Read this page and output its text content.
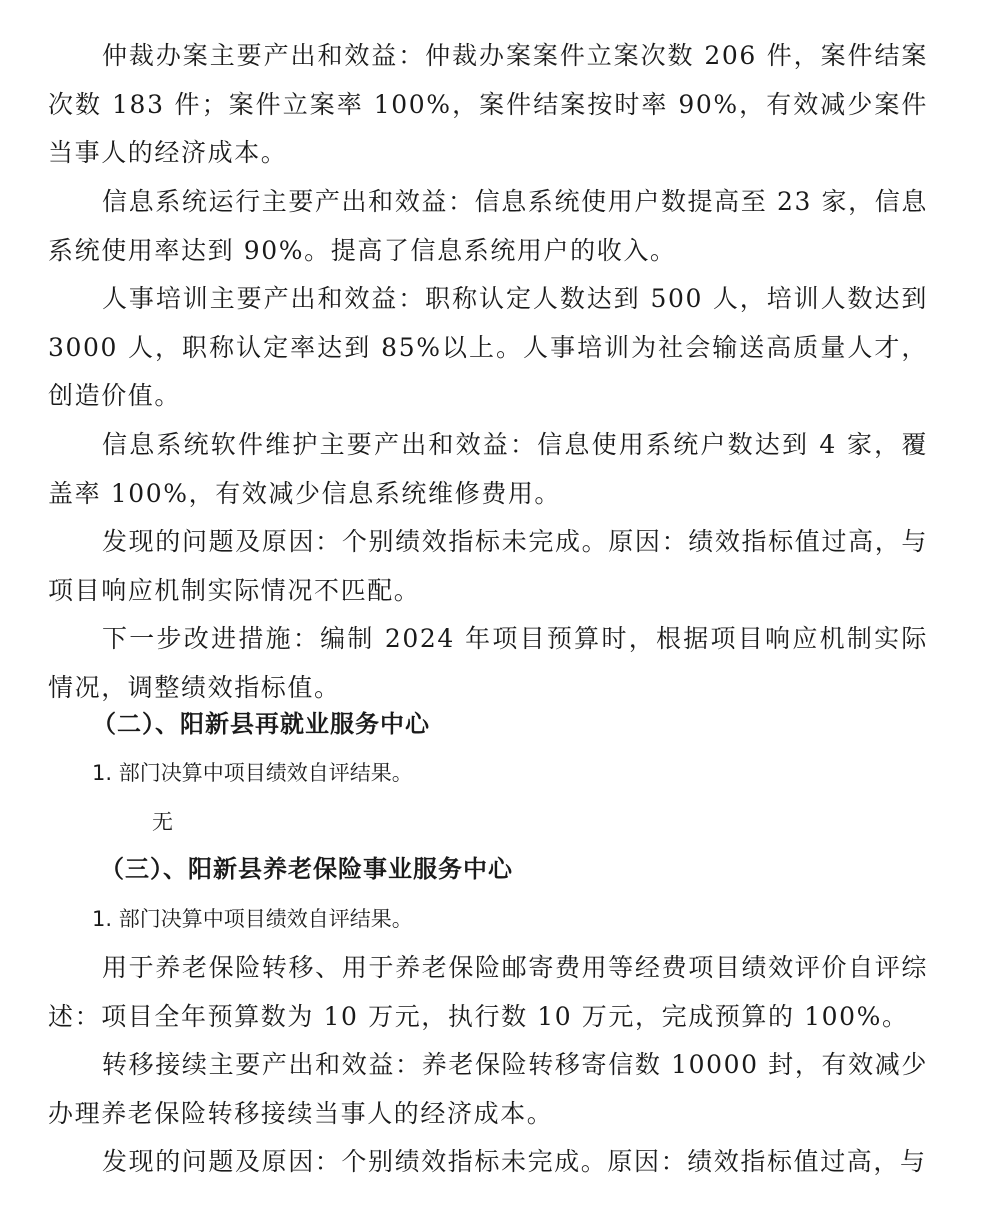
仲裁办案主要产出和效益：仲裁办案案件立案次数 206 件，案件结案次数 183 件；案件立案率 100%，案件结案按时率 90%，有效减少案件当事人的经济成本。

信息系统运行主要产出和效益：信息系统使用户数提高至 23 家，信息系统使用率达到 90%。提高了信息系统用户的收入。

人事培训主要产出和效益：职称认定人数达到 500 人，培训人数达到 3000 人，职称认定率达到 85%以上。人事培训为社会输送高质量人才，创造价值。

信息系统软件维护主要产出和效益：信息使用系统户数达到 4 家，覆盖率 100%，有效减少信息系统维修费用。

发现的问题及原因：个别绩效指标未完成。原因：绩效指标值过高，与项目响应机制实际情况不匹配。

下一步改进措施：编制 2024 年项目预算时，根据项目响应机制实际情况，调整绩效指标值。

（二）、阳新县再就业服务中心

1. 部门决算中项目绩效自评结果。

无

（三）、阳新县养老保险事业服务中心

1. 部门决算中项目绩效自评结果。

用于养老保险转移、用于养老保险邮寄费用等经费项目绩效评价自评综述：项目全年预算数为 10 万元，执行数 10 万元，完成预算的 100%。

转移接续主要产出和效益：养老保险转移寄信数 10000 封，有效减少办理养老保险转移接续当事人的经济成本。

发现的问题及原因：个别绩效指标未完成。原因：绩效指标值过高，与
